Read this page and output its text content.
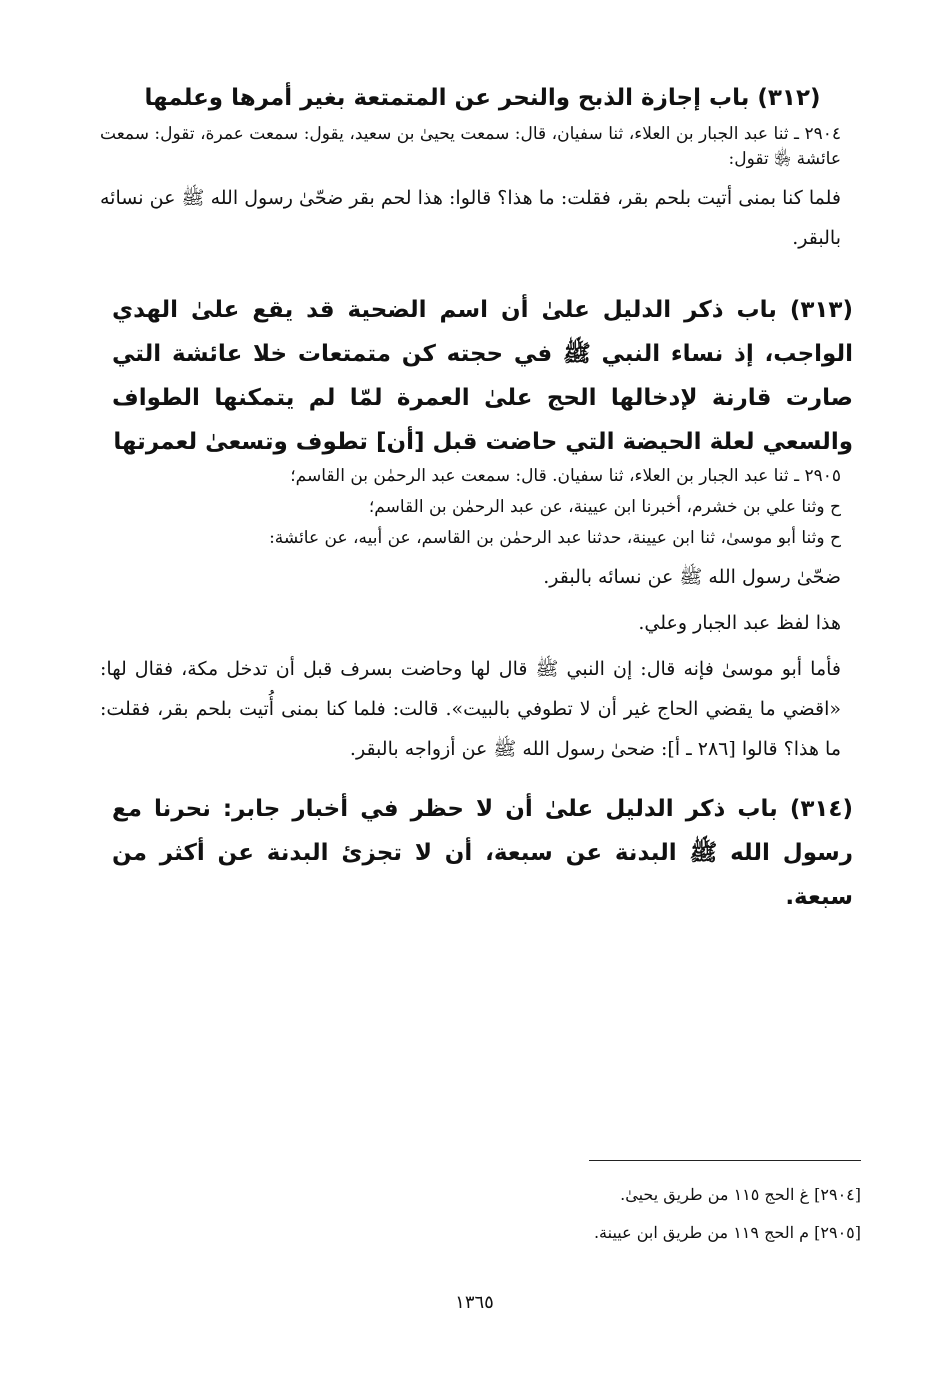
(٣١٢) باب إجازة الذبح والنحر عن المتمتعة بغير أمرها وعلمها
٢٩٠٤ ـ ثنا عبد الجبار بن العلاء، ثنا سفيان، قال: سمعت يحيىٰ بن سعيد، يقول: سمعت عمرة، تقول: سمعت عائشة ﵂ تقول:
فلما كنا بمنى أتيت بلحم بقر، فقلت: ما هذا؟ قالوا: هذا لحم بقر ضحّىٰ رسول الله ﷺ عن نسائه بالبقر.
(٣١٣) باب ذكر الدليل علىٰ أن اسم الضحية قد يقع علىٰ الهدي الواجب، إذ نساء النبي ﷺ في حجته كن متمتعات خلا عائشة التي صارت قارنة لإدخالها الحج علىٰ العمرة لمّا لم يتمكنها الطواف والسعي لعلة الحيضة التي حاضت قبل [أن] تطوف وتسعىٰ لعمرتها
٢٩٠٥ ـ ثنا عبد الجبار بن العلاء، ثنا سفيان. قال: سمعت عبد الرحمٰن بن القاسم؛
ح وثنا علي بن خشرم، أخبرنا ابن عيينة، عن عبد الرحمٰن بن القاسم؛
ح وثنا أبو موسىٰ، ثنا ابن عيينة، حدثنا عبد الرحمٰن بن القاسم، عن أبيه، عن عائشة:
ضحّىٰ رسول الله ﷺ عن نسائه بالبقر.
هذا لفظ عبد الجبار وعلي.
فأما أبو موسىٰ فإنه قال: إن النبي ﷺ قال لها وحاضت بسرف قبل أن تدخل مكة، فقال لها: «اقضي ما يقضي الحاج غير أن لا تطوفي بالبيت». قالت: فلما كنا بمنى أُتيت بلحم بقر، فقلت: ما هذا؟ قالوا [٢٨٦ ـ أ]: ضحىٰ رسول الله ﷺ عن أزواجه بالبقر.
(٣١٤) باب ذكر الدليل علىٰ أن لا حظر في أخبار جابر: نحرنا مع رسول الله ﷺ البدنة عن سبعة، أن لا تجزئ البدنة عن أكثر من سبعة.
[٢٩٠٤] غ الحج ١١٥ من طريق يحيىٰ.
[٢٩٠٥] م الحج ١١٩ من طريق ابن عيينة.
١٣٦٥
